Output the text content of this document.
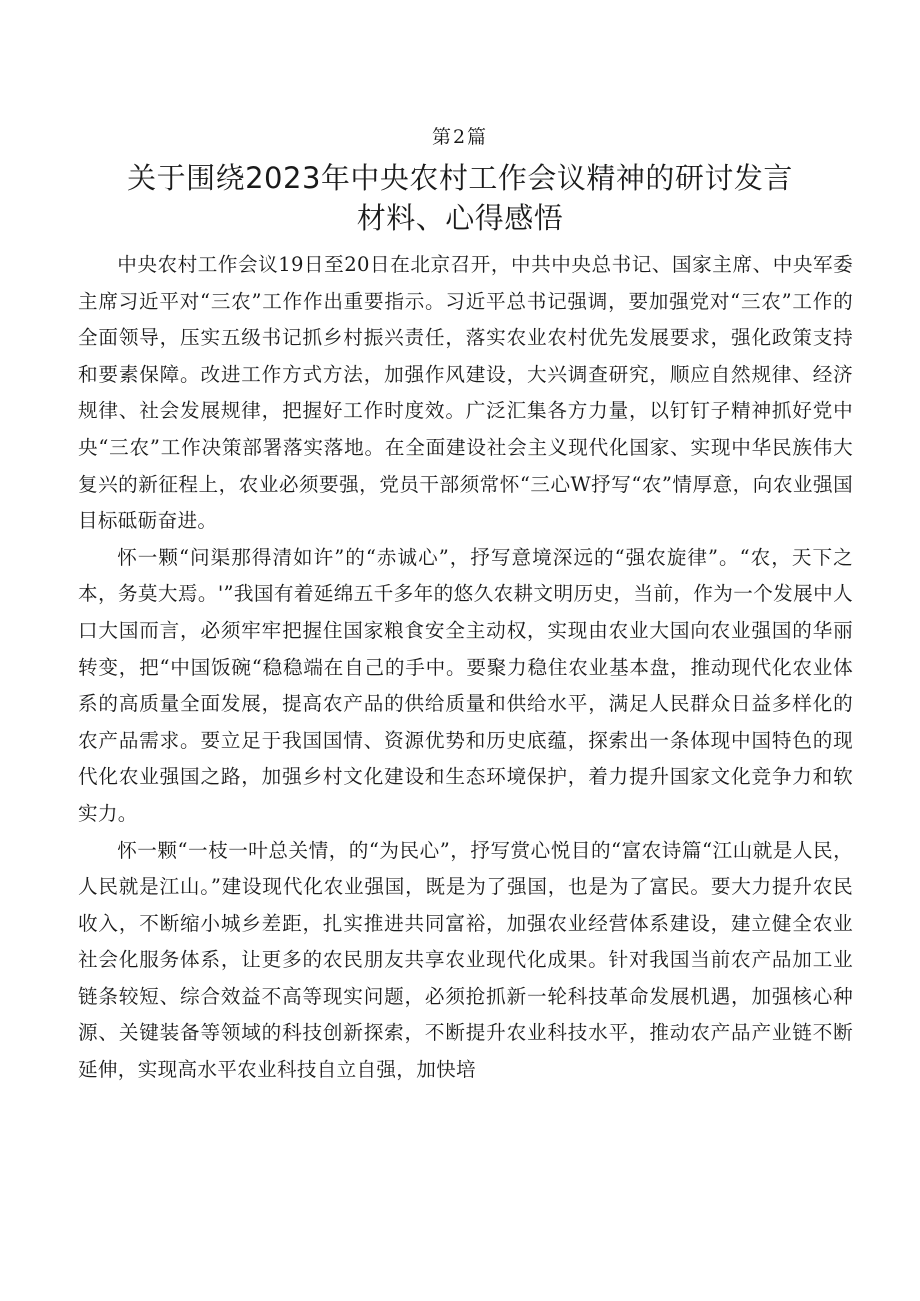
第2篇

关于围绕2023年中央农村工作会议精神的研讨发言材料、心得感悟

中央农村工作会议19日至20日在北京召开，中共中央总书记、国家主席、中央军委主席习近平对“三农”工作作出重要指示。习近平总书记强调，要加强党对“三农”工作的全面领导，压实五级书记抓乡村振兴责任，落实农业农村优先发展要求，强化政策支持和要素保障。改进工作方式方法，加强作风建设，大兴调查研究，顺应自然规律、经济规律、社会发展规律，把握好工作时度效。广泛汇集各方力量，以钉钉子精神抓好党中央“三农”工作决策部署落实落地。在全面建设社会主义现代化国家、实现中华民族伟大复兴的新征程上，农业必须要强，党员干部须常怀“三心W抒写“农”情厚意，向农业强国目标砥砺奋进。

怀一颗“问渠那得清如许”的“赤诚心”，抒写意境深远的“强农旋律”。“农，天下之本，务莫大焉。'”我国有着延绵五千多年的悠久农耕文明历史，当前，作为一个发展中人口大国而言，必须牢牢把握住国家粮食安全主动权，实现由农业大国向农业强国的华丽转变，把“中国饭碗“稳稳端在自己的手中。要聚力稳住农业基本盘，推动现代化农业体系的高质量全面发展，提高农产品的供给质量和供给水平，满足人民群众日益多样化的农产品需求。要立足于我国国情、资源优势和历史底蕴，探索出一条体现中国特色的现代化农业强国之路，加强乡村文化建设和生态环境保护，着力提升国家文化竞争力和软实力。

怀一颗“一枝一叶总关情，的“为民心”，抒写赏心悦目的“富农诗篇“江山就是人民，人民就是江山。”建设现代化农业强国，既是为了强国，也是为了富民。要大力提升农民收入，不断缩小城乡差距，扎实推进共同富裕，加强农业经营体系建设，建立健全农业社会化服务体系，让更多的农民朋友共享农业现代化成果。针对我国当前农产品加工业链条较短、综合效益不高等现实问题，必须抢抓新一轮科技革命发展机遇，加强核心种源、关键装备等领域的科技创新探索，不断提升农业科技水平，推动农产品产业链不断延伸，实现高水平农业科技自立自强，加快培
